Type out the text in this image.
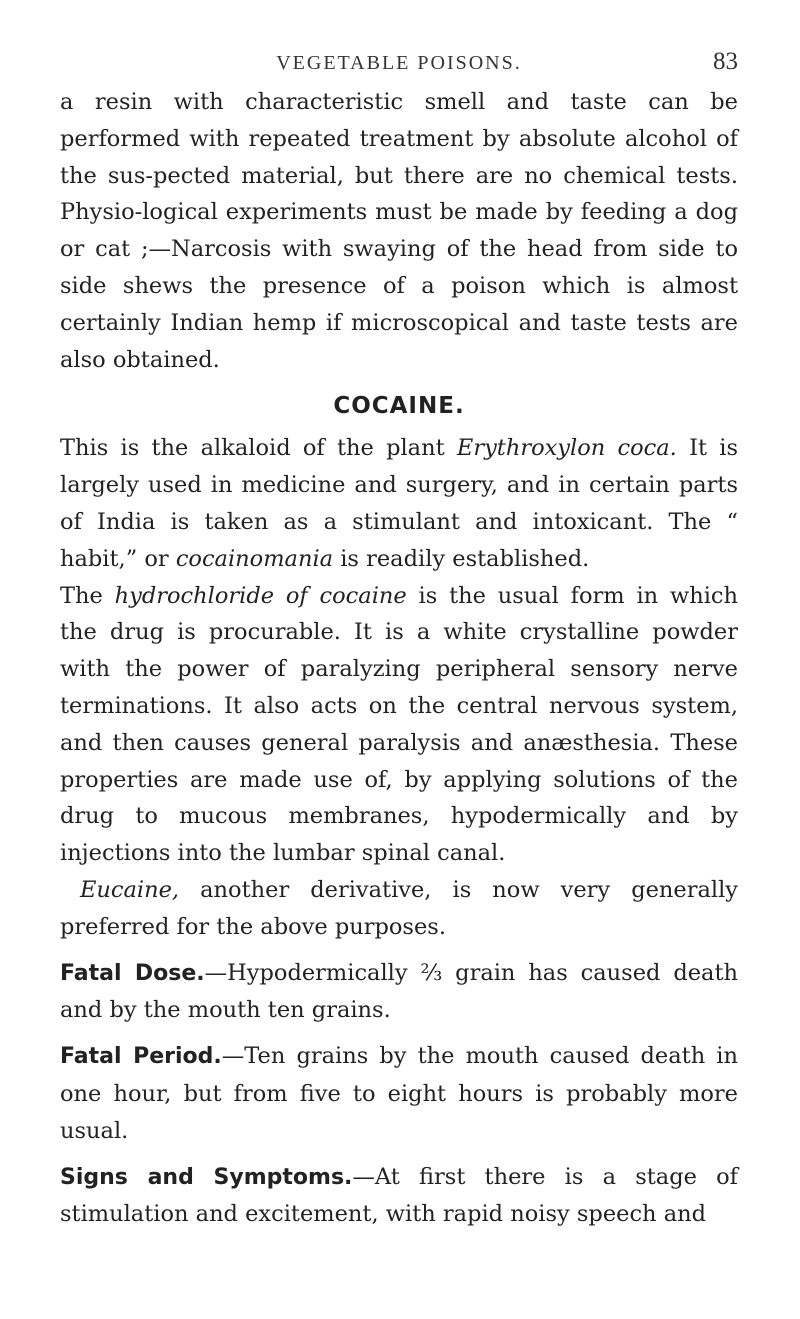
VEGETABLE POISONS.	83

a resin with characteristic smell and taste can be performed with repeated treatment by absolute alcohol of the sus-pected material, but there are no chemical tests. Physio-logical experiments must be made by feeding a dog or cat ;—Narcosis with swaying of the head from side to side shews the presence of a poison which is almost certainly Indian hemp if microscopical and taste tests are also obtained.

COCAINE.

This is the alkaloid of the plant Erythroxylon coca. It is largely used in medicine and surgery, and in certain parts of India is taken as a stimulant and intoxicant. The “ habit,” or cocainomania is readily established.

The hydrochloride of cocaine is the usual form in which the drug is procurable. It is a white crystalline powder with the power of paralyzing peripheral sensory nerve terminations. It also acts on the central nervous system, and then causes general paralysis and anæsthesia. These properties are made use of, by applying solutions of the drug to mucous membranes, hypodermically and by injections into the lumbar spinal canal.

Eucaine, another derivative, is now very generally preferred for the above purposes.

Fatal Dose.—Hypodermically ⅔ grain has caused death and by the mouth ten grains.

Fatal Period.—Ten grains by the mouth caused death in one hour, but from five to eight hours is probably more usual.

Signs and Symptoms.—At first there is a stage of stimulation and excitement, with rapid noisy speech and
